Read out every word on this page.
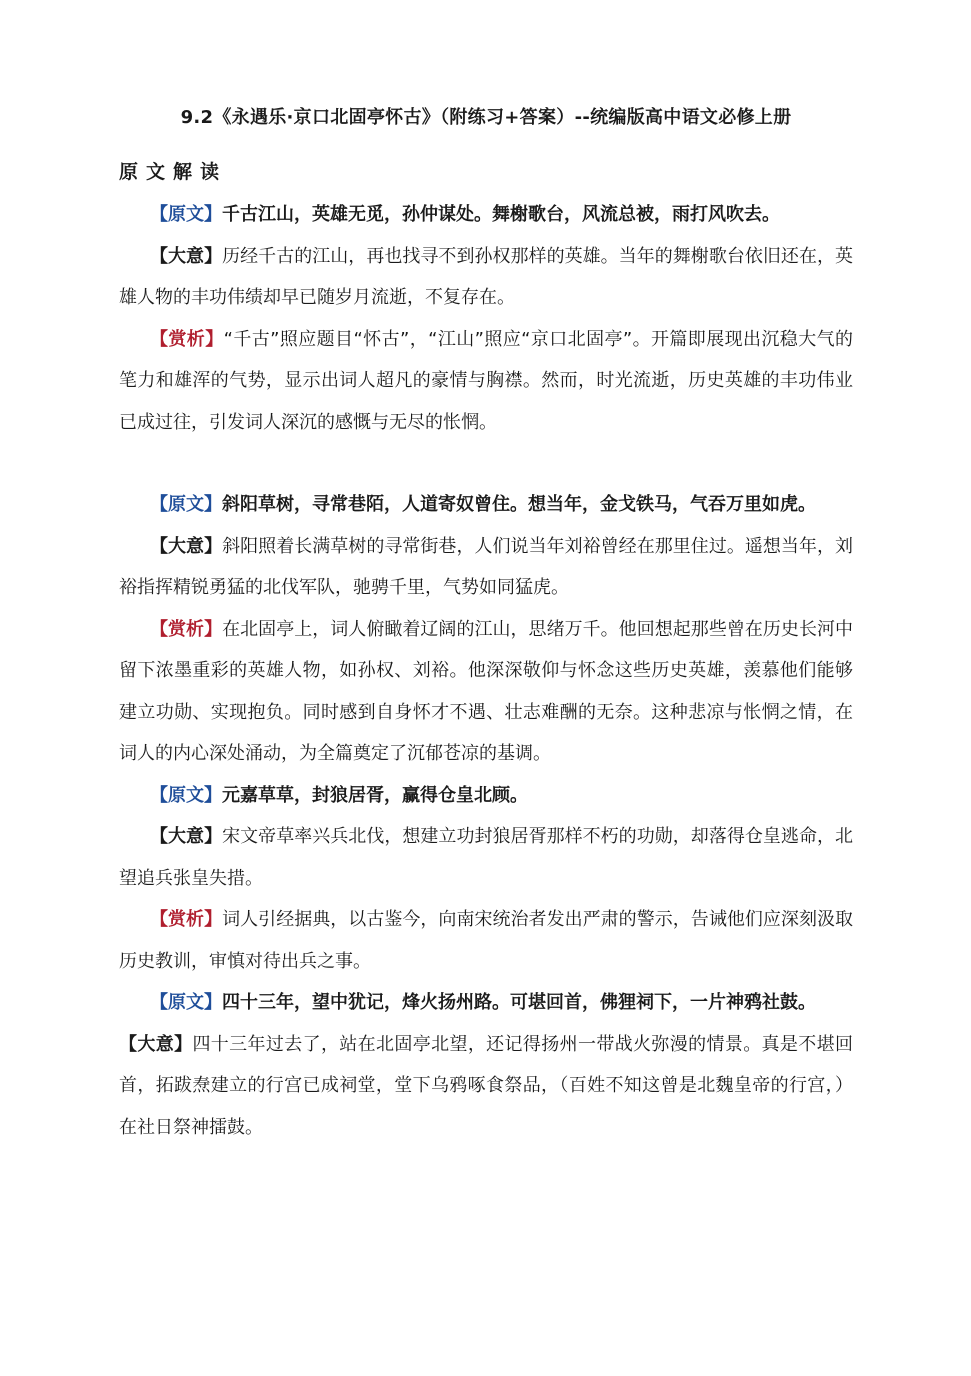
9.2《永遇乐·京口北固亭怀古》（附练习+答案）--统编版高中语文必修上册
原文解读

【原文】千古江山，英雄无觅，孙仲谋处。舞榭歌台，风流总被，雨打风吹去。

【大意】历经千古的江山，再也找寻不到孙权那样的英雄。当年的舞榭歌台依旧还在，英雄人物的丰功伟绩却早已随岁月流逝，不复存在。

【赏析】“千古”照应题目“怀古”，“江山”照应“京口北固亭”。开篇即展现出沉稳大气的笔力和雄浑的气势，显示出词人超凡的豪情与胸襟。然而，时光流逝，历史英雄的丰功伟业已成过往，引发词人深沉的感慨与无尽的怅惘。

【原文】斜阳草树，寻常巷陌，人道寄奴曾住。想当年，金戈铁马，气吞万里如虎。

【大意】斜阳照着长满草树的寻常街巷，人们说当年刘裕曾经在那里住过。遥想当年，刘裕指挥精锐勇猛的北伐军队，驰骋千里，气势如同猛虎。

【赏析】在北固亭上，词人俯瞰着辽阔的江山，思绪万千。他回想起那些曾在历史长河中留下浓墨重彩的英雄人物，如孙权、刘裕。他深深敬仰与怀念这些历史英雄，羡慕他们能够建立功勋、实现抱负。同时感到自身怀才不遇、壮志难酬的无奈。这种悲凉与怅惘之情，在词人的内心深处涌动，为全篇奠定了沉郁苍凉的基调。

【原文】元嘉草草，封狼居胥，赢得仓皇北顾。

【大意】宋文帝草率兴兵北伐，想建立功封狼居胥那样不朽的功勋，却落得仓皇逃命，北望追兵张皇失措。

【赏析】词人引经据典，以古鉴今，向南宋统治者发出严肃的警示，告诫他们应深刻汲取历史教训，审慎对待出兵之事。

【原文】四十三年，望中犹记，烽火扬州路。可堪回首，佛狸祠下，一片神鸦社鼓。

【大意】四十三年过去了，站在北固亭北望，还记得扬州一带战火弥漫的情景。真是不堪回首，拓跋焘建立的行宫已成祠堂，堂下乌鸦啄食祭品，（百姓不知这曾是北魏皇帝的行宫，）在社日祭神擂鼓。
